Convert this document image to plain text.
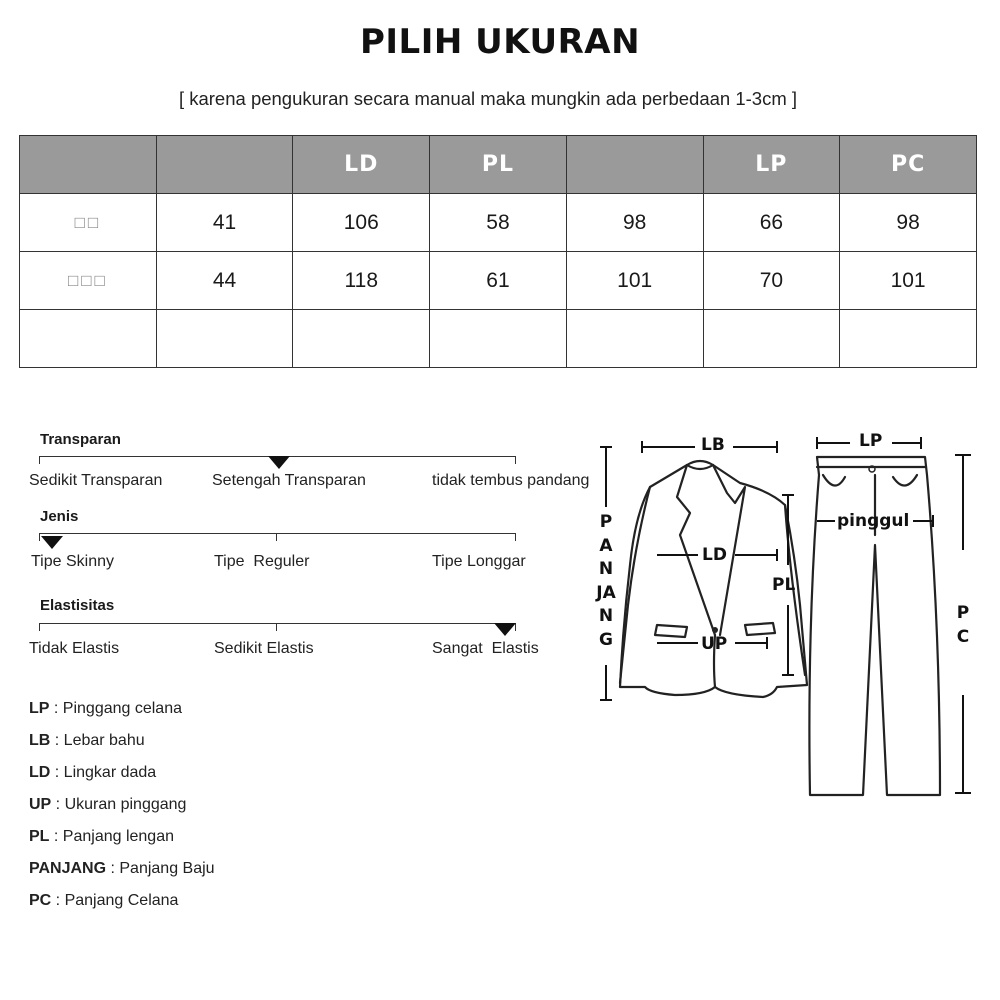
PILIH UKURAN
[ karena pengukuran secara manual maka mungkin ada perbedaan 1-3cm ]
		LD	PL		LP	PC
□□	41	106	58	98	66	98
□□□	44	118	61	101	70	101

Transparan
Sedikit Transparan	Setengah Transparan	tidak tembus pandang
Jenis
Tipe Skinny	Tipe  Reguler	Tipe Longgar
Elastisitas
Tidak Elastis	Sedikit Elastis	Sangat  Elastis
LP : Pinggang celana
LB : Lebar bahu
LD : Lingkar dada
UP : Ukuran pinggang
PL : Panjang lengan
PANJANG : Panjang Baju
PC : Panjang Celana
LB	LP
LD
UP
PL
pinggul
PANJANG
PC
